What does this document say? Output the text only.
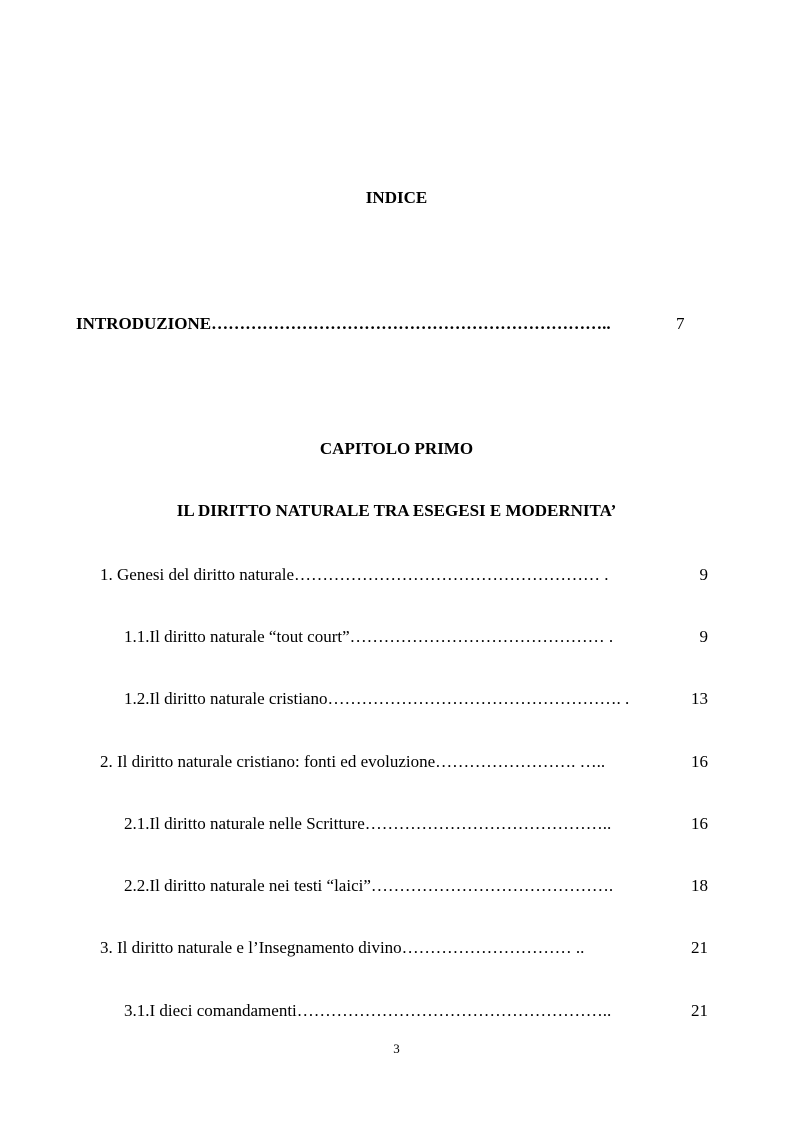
INDICE
INTRODUZIONE……………………………………………………………..	7
CAPITOLO PRIMO
IL DIRITTO NATURALE TRA ESEGESI E MODERNITA’
1. Genesi del diritto naturale……………………………………………… .	9
1.1.Il diritto naturale “tout court”……………………………………… .	9
1.2.Il diritto naturale cristiano……………………………………………. .	13
2. Il diritto naturale cristiano: fonti ed evoluzione……………………. …..	16
2.1.Il diritto naturale nelle Scritture……………………………………..	16
2.2.Il diritto naturale nei testi “laici”…………………………………….	18
3. Il diritto naturale e l’Insegnamento divino………………………… ..	21
3.1.I dieci comandamenti………………………………………………..	21
3
